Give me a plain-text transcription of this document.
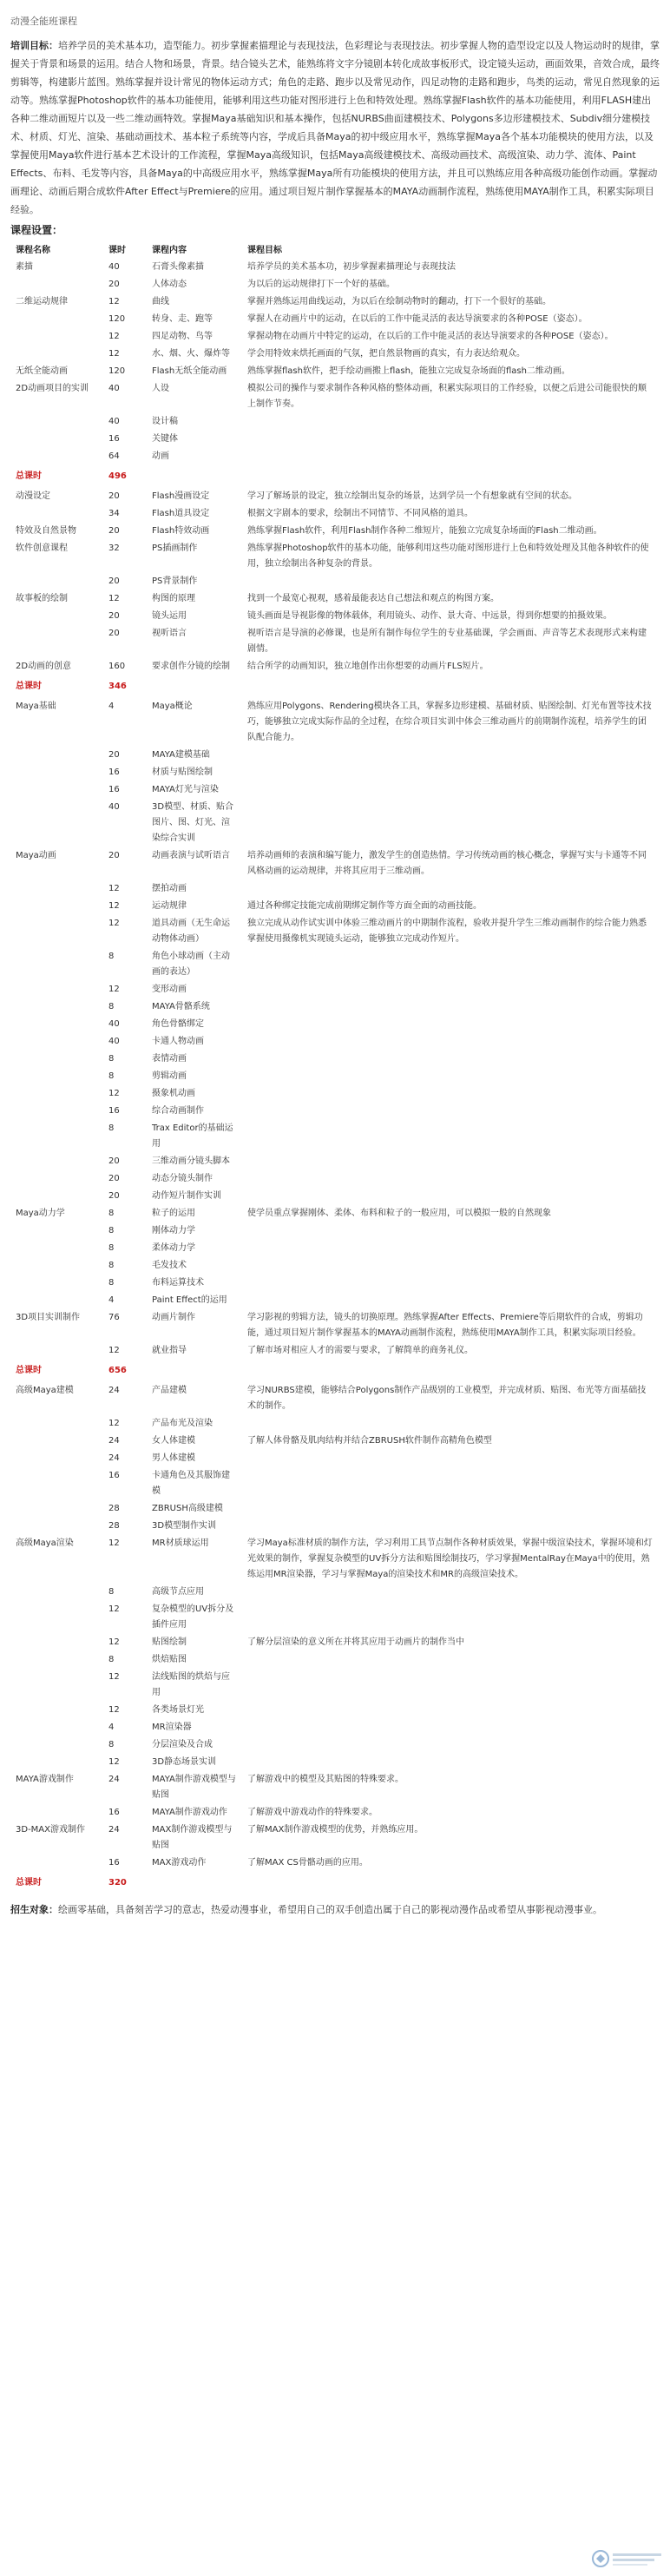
动漫全能班课程
培训目标：培养学员的美术基本功，造型能力。初步掌握素描理论与表现技法，色彩理论与表现技法。初步掌握人物的造型设定以及人物运动时的规律，掌握关于背景和场景的运用。结合人物和场景，背景。结合镜头艺术，能熟练将文字分镜剧本转化成故事板形式，设定镜头运动，画面效果，音效合成，最终剪辑等，构建影片蓝图。熟练掌握并设计常见的物体运动方式；角色的走路、跑步以及常见动作，四足动物的走路和跑步，鸟类的运动，常见自然现象的运动等。熟练掌握Photoshop软件的基本功能使用，能够利用这些功能对图形进行上色和特效处理。熟练掌握Flash软件的基本功能使用，利用FLASH建出各种二维动画短片以及一些二维动画特效。掌握Maya基础知识和基本操作，包括NURBS曲面建模技术、Polygons多边形建模技术、Subdiv细分建模技术、材质、灯光、渲染、基础动画技术、基本粒子系统等内容，学成后具备Maya的初中级应用水平，熟练掌握Maya各个基本功能模块的使用方法，以及掌握使用Maya软件进行基本艺术设计的工作流程，掌握Maya高级知识，包括Maya高级建模技术、高级动画技术、高级渲染、动力学、流体、Paint Effects、布料、毛发等内容，具备Maya的中高级应用水平，熟练掌握Maya所有功能模块的使用方法，并且可以熟练应用各种高级功能创作动画。掌握动画理论、动画后期合成软件After Effect与Premiere的应用。通过项目短片制作掌握基本的MAYA动画制作流程，熟练使用MAYA制作工具，积累实际项目经验。
课程设置：
课程名称	课时	课程内容	课程目标
素描	40	石膏头像素描	培养学员的美术基本功，初步掌握素描理论与表现技法
	20	人体动态	为以后的运动规律打下一个好的基础。
二维运动规律	12	曲线	掌握并熟练运用曲线运动，为以后在绘制动物时的翻动，打下一个很好的基础。
	120	转身、走、跑等	掌握人在动画片中的运动，在以后的工作中能灵活的表达导演要求的各种POSE（姿态）。
	12	四足动物、鸟等	掌握动物在动画片中特定的运动，在以后的工作中能灵活的表达导演要求的各种POSE（姿态）。
	12	水、烟、火、爆炸等	学会用特效来烘托画面的气氛，把自然景物画的真实，有力表达给观众。
无纸全能动画	120	Flash无纸全能动画	熟练掌握flash软件，把手绘动画搬上flash，能独立完成复杂场面的flash二维动画。
2D动画项目的实训	40	人设	模拟公司的操作与要求制作各种风格的整体动画，积累实际项目的工作经验，以便之后进公司能很快的顺上制作节奏。
	40	设计稿	
	16	关键体	
	64	动画	
总课时	496		
动漫设定	20	Flash漫画设定	学习了解场景的设定，独立绘制出复杂的场景，达到学员一个有想象就有空间的状态。
	34	Flash道具设定	根据文字剧本的要求，绘制出不同情节、不同风格的道具。
特效及自然景物	20	Flash特效动画	熟练掌握Flash软件，利用Flash制作各种二维短片，能独立完成复杂场面的Flash二维动画。
软件创意课程	32	PS插画制作	熟练掌握Photoshop软件的基本功能，能够利用这些功能对图形进行上色和特效处理及其他各种软件的使用，独立绘制出各种复杂的背景。
	20	PS背景制作	
故事板的绘制	12	构图的原理	找到一个最宽心视观，感着最能表达自己想法和观点的构图方案。
	20	镜头运用	镜头画面是导视影像的物体载体，利用镜头、动作、景大奇、中远景，得到你想要的拍摄效果。
	20	视听语言	视听语言是导演的必修课，也是所有制作每位学生的专业基础课，学会画面、声音等艺术表现形式来构建剧情。
2D动画的创意	160	要求创作分镜的绘制	结合所学的动画知识，独立地创作出你想要的动画片FLS短片。
总课时	346		
Maya基础	4	Maya概论	熟练应用Polygons、Rendering模块各工具，掌握多边形建模、基础材质、贴图绘制、灯光布置等技术技巧，能够独立完成实际作品的全过程，在综合项目实训中体会三维动画片的前期制作流程，培养学生的团队配合能力。
	20	MAYA建模基础	
	16	材质与贴图绘制	
	16	MAYA灯光与渲染	
	40	3D模型、材质、贴合图片、图、灯光、渲染综合实训	
Maya动画	20	动画表演与试听语言	培养动画师的表演和编写能力，激发学生的创造热情。学习传统动画的核心概念，掌握写实与卡通等不同风格动画的运动规律，并将其应用于三维动画。
	12	摆拍动画	
	12	运动规律	通过各种绑定技能完成前期绑定制作等方面全面的动画技能。
	12	道具动画（无生命运动物体动画）	独立完成从动作试实训中体验三维动画片的中期制作流程，验收并提升学生三维动画制作的综合能力熟悉掌握使用摄像机实现镜头运动，能够独立完成动作短片。
	8	角色小球动画（主动画的表达）	
	12	变形动画	
	8	MAYA骨骼系统	
	40	角色骨骼绑定	
	40	卡通人物动画	
	8	表情动画	
	8	剪辑动画	
	12	摄象机动画	
	16	综合动画制作	
	8	Trax Editor的基础运用	
	20	三维动画分镜头脚本	
	20	动态分镜头制作	
	20	动作短片制作实训	
Maya动力学	8	粒子的运用	使学员重点掌握刚体、柔体、布料和粒子的一般应用，可以模拟一般的自然现象
	8	刚体动力学	
	8	柔体动力学	
	8	毛发技术	
	8	布料运算技术	
	4	Paint Effect的运用	
3D项目实训制作	76	动画片制作	学习影视的剪辑方法，镜头的切换原理。熟练掌握After Effects、Premiere等后期软件的合成，剪辑功能，通过项目短片制作掌握基本的MAYA动画制作流程，熟练使用MAYA制作工具，积累实际项目经验。
	12	就业指导	了解市场对相应人才的需要与要求，了解简单的商务礼仪。
总课时	656		
高级Maya建模	24	产品建模	学习NURBS建模，能够结合Polygons制作产品级别的工业模型，并完成材质、贴图、布光等方面基础技术的制作。
	12	产品布光及渲染	
	24	女人体建模	了解人体骨骼及肌肉结构并结合ZBRUSH软件制作高精角色模型
	24	男人体建模	
	16	卡通角色及其服饰建模	
	28	ZBRUSH高级建模	
	28	3D模型制作实训	
高级Maya渲染	12	MR材质球运用	学习Maya标准材质的制作方法，学习利用工具节点制作各种材质效果，掌握中级渲染技术，掌握环境和灯光效果的制作，掌握复杂模型的UV拆分方法和贴图绘制技巧，学习掌握MentalRay在Maya中的使用，熟练运用MR渲染器，学习与掌握Maya的渲染技术和MR的高级渲染技术。
	8	高级节点应用	
	12	复杂模型的UV拆分及插件应用	
	12	贴图绘制	了解分层渲染的意义所在并将其应用于动画片的制作当中
	8	烘焙贴图	
	12	法线贴图的烘焙与应用	
	12	各类场景灯光	
	4	MR渲染器	
	8	分层渲染及合成	
	12	3D静态场景实训	
MAYA游戏制作	24	MAYA制作游戏模型与贴图	了解游戏中的模型及其贴图的特殊要求。
	16	MAYA制作游戏动作	了解游戏中游戏动作的特殊要求。
3D-MAX游戏制作	24	MAX制作游戏模型与贴图	了解MAX制作游戏模型的优势，并熟练应用。
	16	MAX游戏动作	了解MAX CS骨骼动画的应用。
总课时	320		
招生对象：绘画零基础，具备刻苦学习的意志，热爱动漫事业，希望用自己的双手创造出属于自己的影视动漫作品或希望从事影视动漫事业。
